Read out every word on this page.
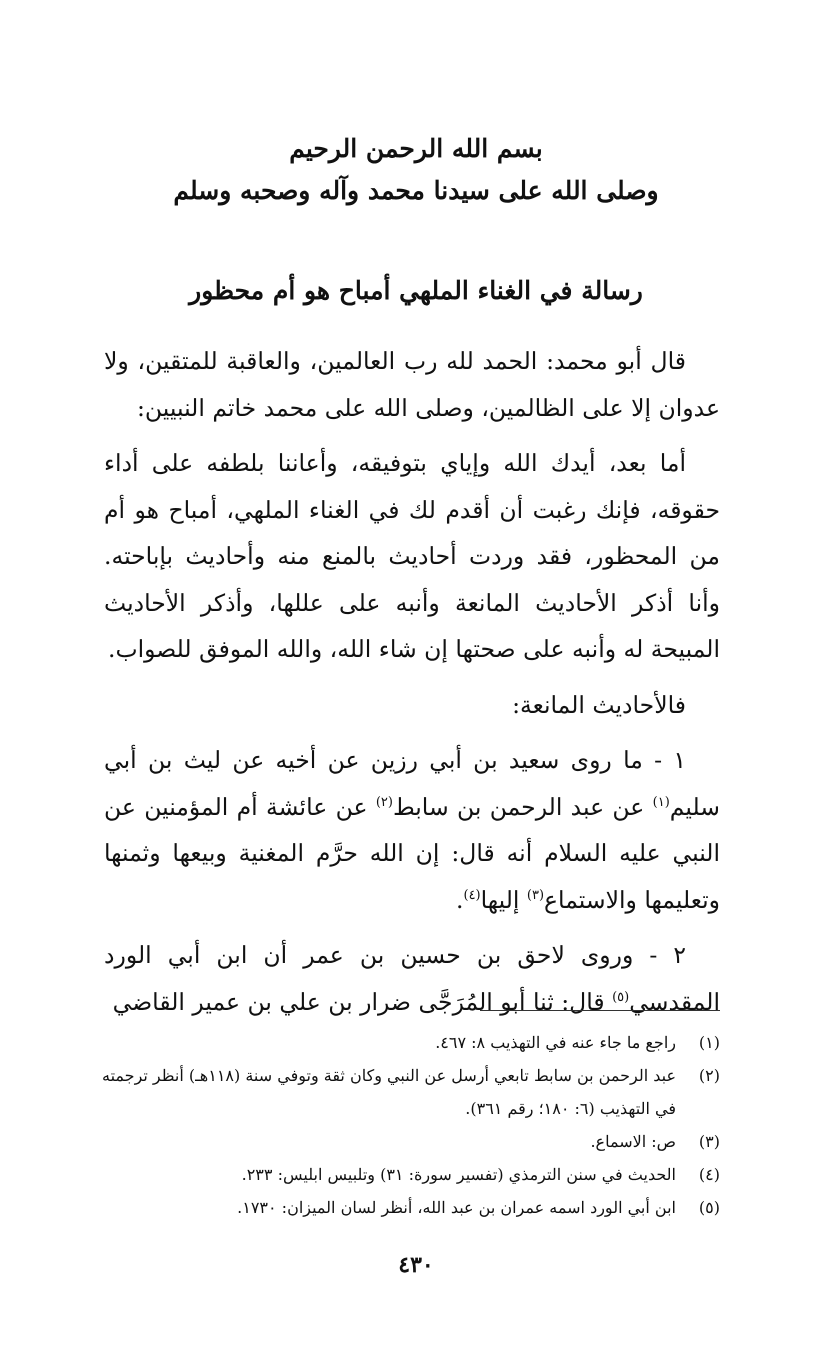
بسم الله الرحمن الرحيم
وصلى الله على سيدنا محمد وآله وصحبه وسلم
رسالة في الغناء الملهي أمباح هو أم محظور

قال أبو محمد: الحمد لله رب العالمين، والعاقبة للمتقين، ولا عدوان إلا على الظالمين، وصلى الله على محمد خاتم النبيين:

أما بعد، أيدك الله وإياي بتوفيقه، وأعاننا بلطفه على أداء حقوقه، فإنك رغبت أن أقدم لك في الغناء الملهي، أمباح هو أم من المحظور، فقد وردت أحاديث بالمنع منه وأحاديث بإباحته. وأنا أذكر الأحاديث المانعة وأنبه على عللها، وأذكر الأحاديث المبيحة له وأنبه على صحتها إن شاء الله، والله الموفق للصواب.

فالأحاديث المانعة:

١ - ما روى سعيد بن أبي رزين عن أخيه عن ليث بن أبي سليم$^{(١)}$ عن عبد الرحمن بن سابط$^{(٢)}$ عن عائشة أم المؤمنين عن النبي عليه السلام أنه قال: إن الله حرَّم المغنية وبيعها وثمنها وتعليمها والاستماع$^{(٣)}$ إليها$^{(٤)}$.

٢ - وروى لاحق بن حسين بن عمر أن ابن أبي الورد المقدسي$^{(٥)}$ قال: ثنا أبو المُرَجَّى ضرار بن علي بن عمير القاضي

(١)
راجع ما جاء عنه في التهذيب ٨: ٤٦٧.
(٢)
عبد الرحمن بن سابط تابعي أرسل عن النبي وكان ثقة وتوفي سنة (١١٨هـ) أنظر ترجمته في التهذيب (٦: ١٨٠؛ رقم ٣٦١).
(٣)
ص: الاسماع.
(٤)
الحديث في سنن الترمذي (تفسير سورة: ٣١) وتلبيس ابليس: ٢٣٣.
(٥)
ابن أبي الورد اسمه عمران بن عبد الله، أنظر لسان الميزان: ١٧٣٠.
٤٣٠
